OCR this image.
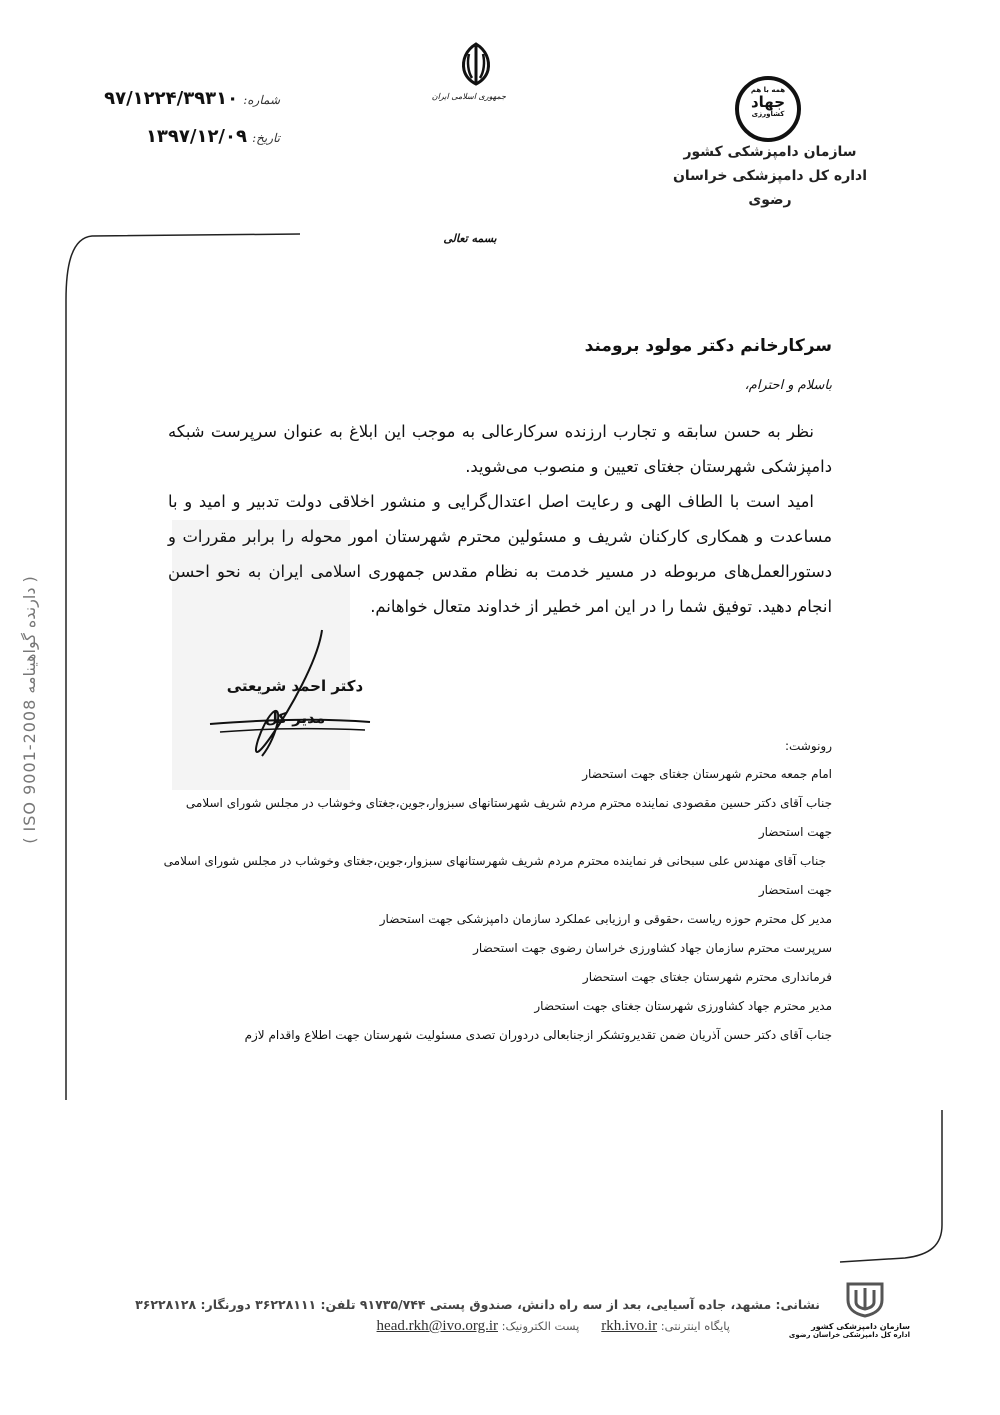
جمهوری اسلامی ایران
شماره: ۹۷/۱۲۲۴/۳۹۳۱۰
تاریخ: ۱۳۹۷/۱۲/۰۹
همه با هم
جهاد
کشاورزی
سازمان دامپزشکی کشور
اداره کل دامپزشکی خراسان رضوی
بسمه تعالی
( دارنده گواهینامه ISO 9001-2008 )
سرکارخانم دکتر مولود برومند
باسلام و احترام،

نظر به حسن سابقه و تجارب ارزنده سرکارعالی به موجب این ابلاغ به عنوان سرپرست شبکه دامپزشکی شهرستان جغتای تعیین و منصوب می‌شوید.

امید است با الطاف الهی و رعایت اصل اعتدال‌گرایی و منشور اخلاقی دولت تدبیر و امید و با مساعدت و همکاری کارکنان شریف و مسئولین محترم شهرستان امور محوله را برابر مقررات و دستورالعمل‌های مربوطه در مسیر خدمت به نظام مقدس جمهوری اسلامی ایران به نحو احسن انجام دهید. توفیق شما را در این امر خطیر از خداوند متعال خواهانم.

دکتر احمد شریعتی
مدیر کل
رونوشت:
امام جمعه محترم شهرستان جغتای جهت استحضار
جناب آقای دکتر حسین مقصودی نماینده محترم مردم شریف شهرستانهای سبزوار،جوین،جغتای وخوشاب در مجلس شورای اسلامی
جهت استحضار
جناب آقای مهندس علی سبحانی فر نماینده محترم مردم شریف شهرستانهای سبزوار،جوین،جغتای وخوشاب در مجلس شورای اسلامی
جهت استحضار
مدیر کل محترم حوزه ریاست ،حقوقی و ارزیابی عملکرد سازمان دامپزشکی جهت استحضار
سرپرست محترم سازمان جهاد کشاورزی خراسان رضوی جهت استحضار
فرمانداری محترم شهرستان جغتای جهت استحضار
مدیر محترم جهاد کشاورزی شهرستان جغتای جهت استحضار
جناب آقای دکتر حسن آذریان ضمن تقدیروتشکر ازجنابعالی دردوران تصدی مسئولیت شهرستان جهت اطلاع واقدام لازم
نشانی: مشهد، جاده آسیایی، بعد از سه راه دانش، صندوق پستی ۹۱۷۳۵/۷۴۴ تلفن: ۳۶۲۲۸۱۱۱ دورنگار: ۳۶۲۲۸۱۲۸
پایگاه اینترنتی: rkh.ivo.ir      پست الکترونیک: head.rkh@ivo.org.ir	سازمان دامپزشکی کشور
اداره کل دامپزشکی خراسان رضوی
